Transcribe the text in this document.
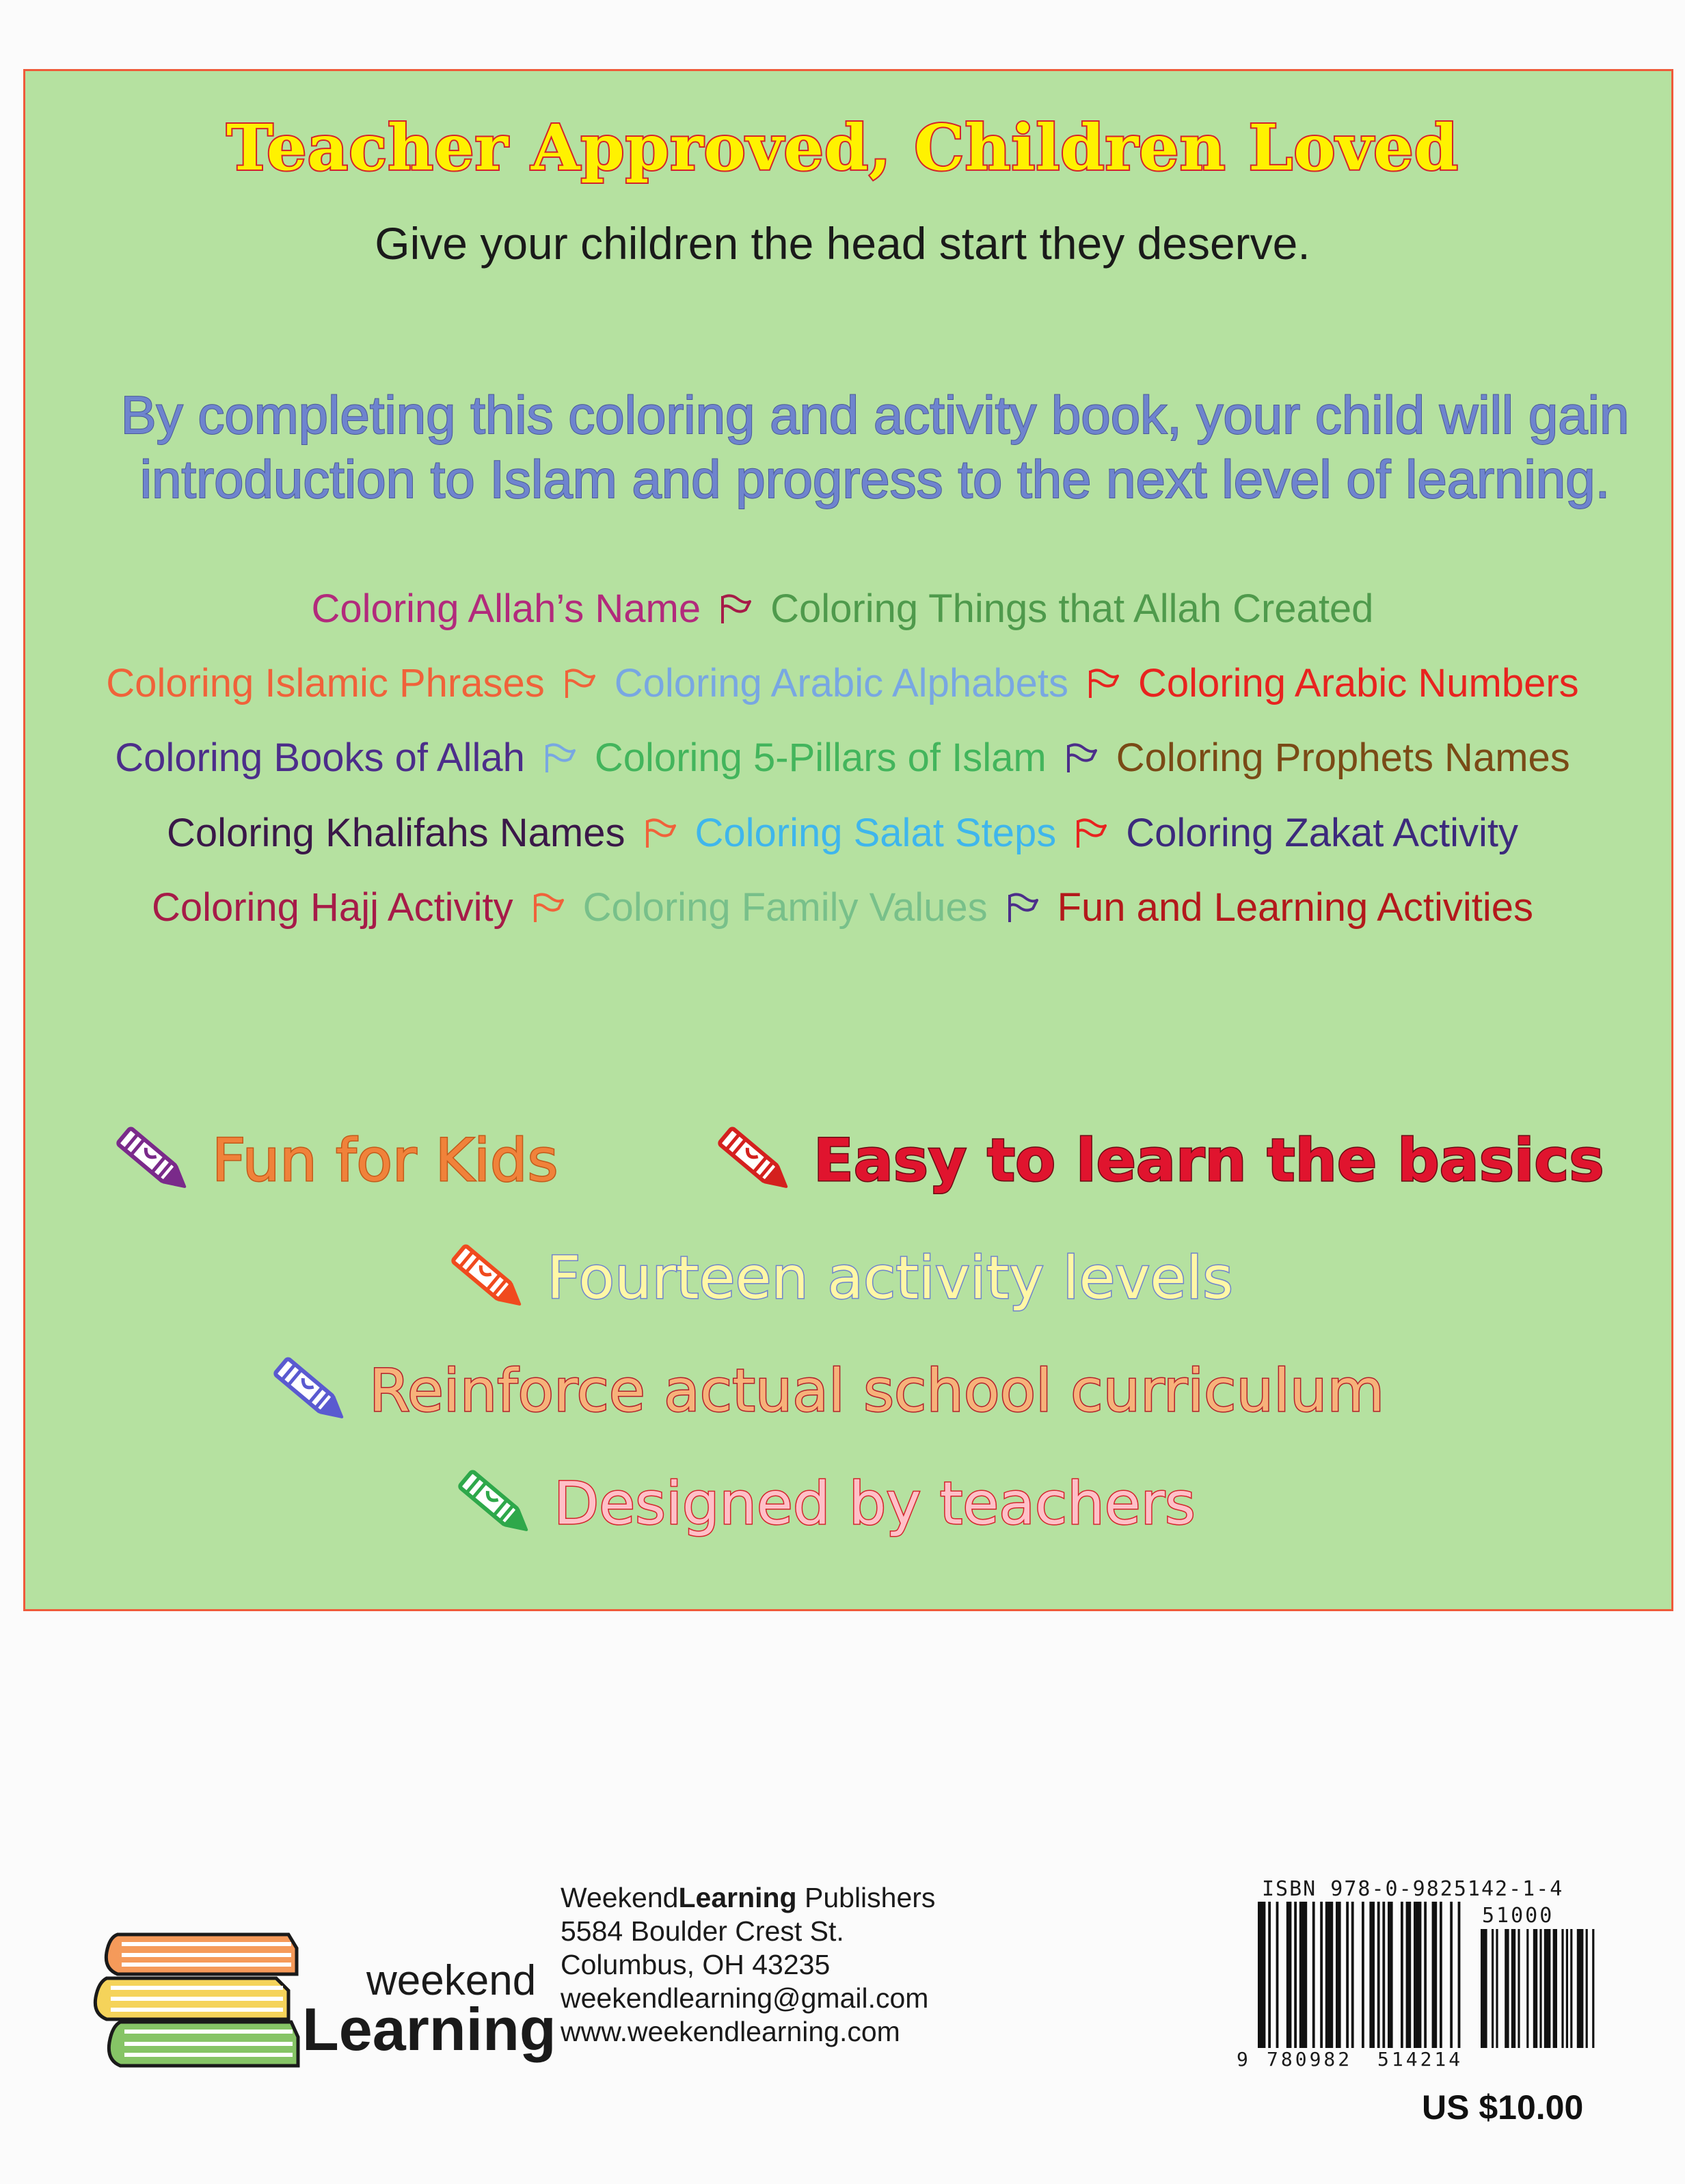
Teacher Approved, Children Loved
Give your children the head start they deserve.
By completing this coloring and activity book, your child will gain
introduction to Islam and progress to the next level of learning.
Coloring Allah’s Name Coloring Things that Allah Created
Coloring Islamic Phrases Coloring Arabic Alphabets Coloring Arabic Numbers
Coloring Books of Allah Coloring 5-Pillars of Islam Coloring Prophets Names
Coloring Khalifahs Names Coloring Salat Steps Coloring Zakat Activity
Coloring Hajj Activity Coloring Family Values Fun and Learning Activities
Fun for Kids	Easy to learn the basics
Fourteen activity levels
Reinforce actual school curriculum
Designed by teachers
weekend
Learning
WeekendLearning Publishers
5584 Boulder Crest St.
Columbus, OH 43235
weekendlearning@gmail.com
www.weekendlearning.com
ISBN 978-0-9825142-1-4
51000
9 780982 514214
US $10.00
